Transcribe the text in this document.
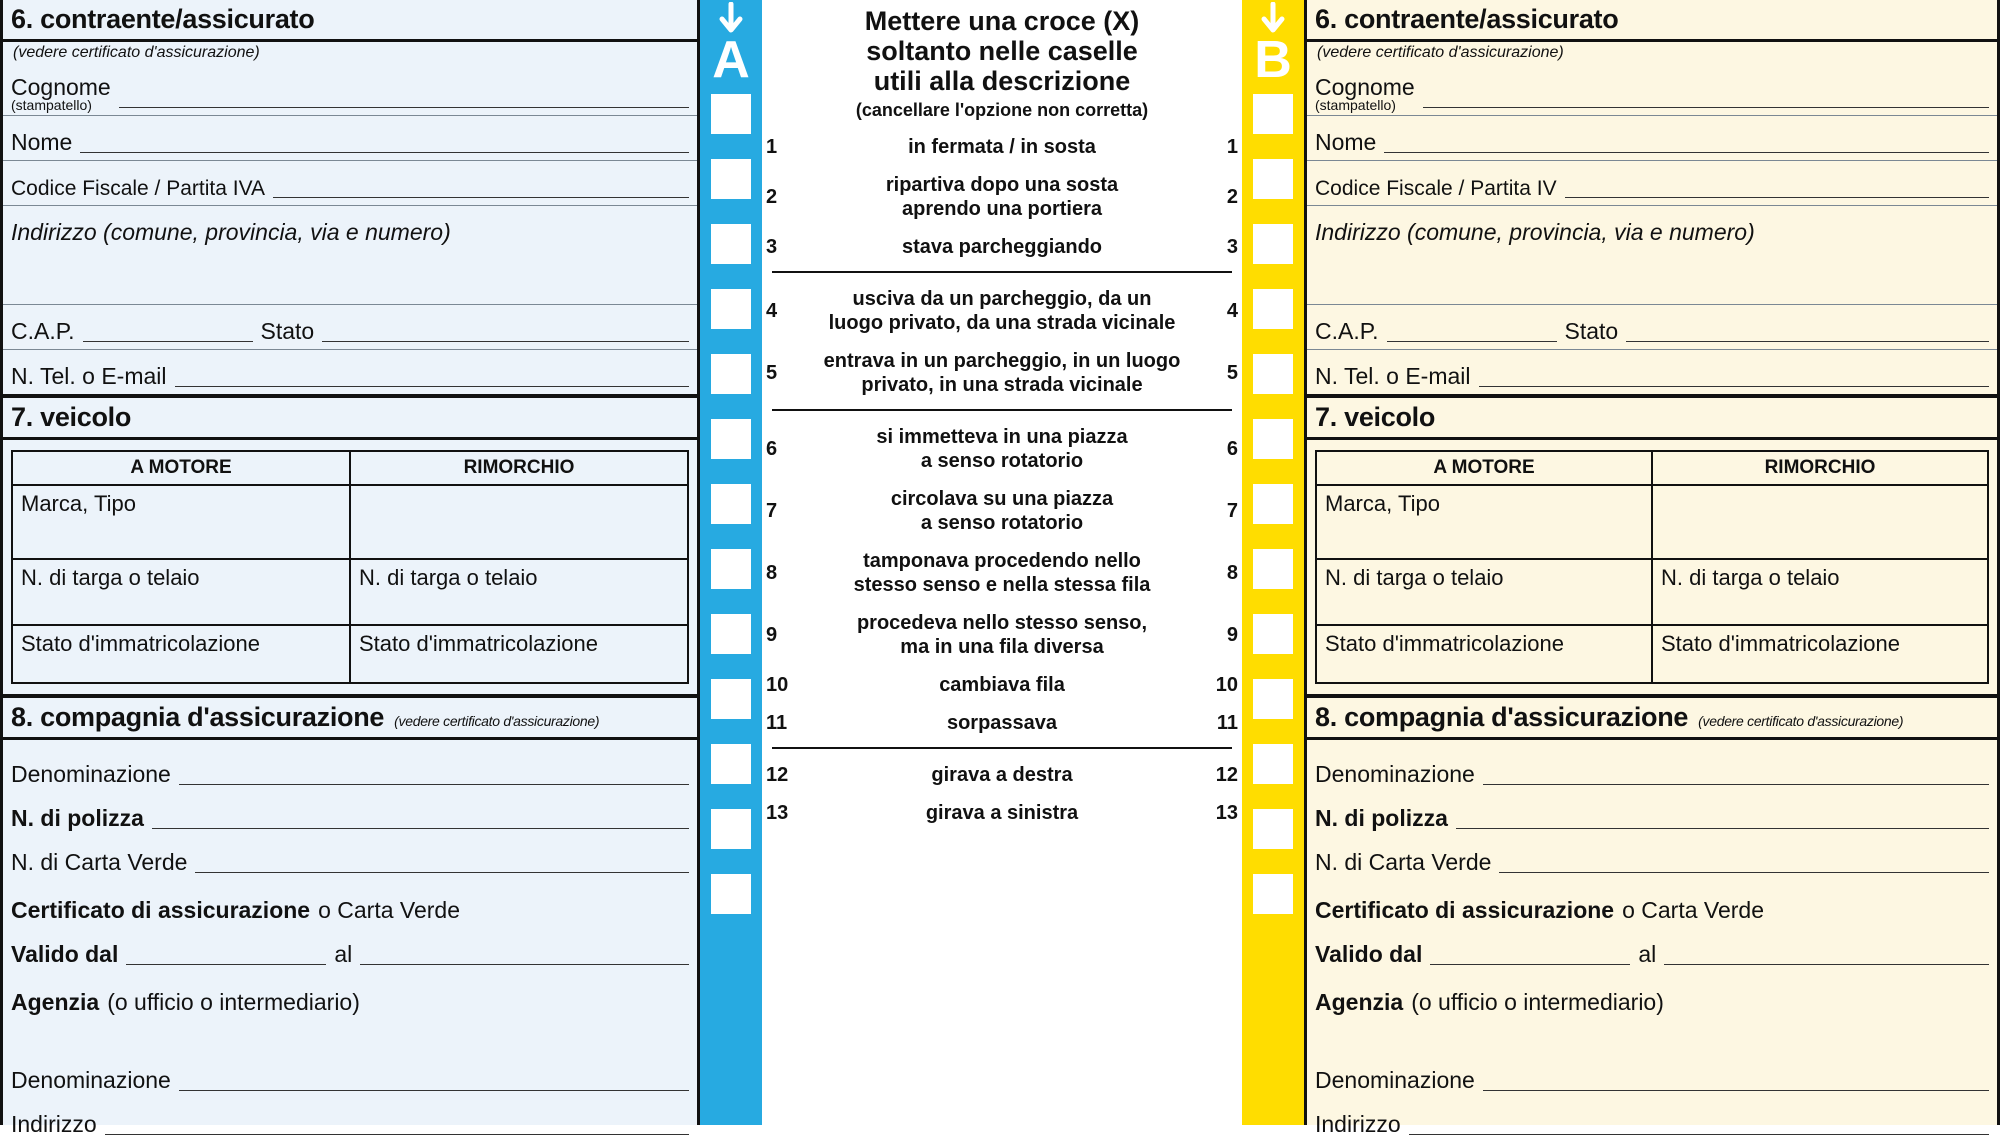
6. contraente/assicurato
(vedere certificato d'assicurazione)
Cognome
(stampatello)
Nome
Codice Fiscale / Partita IVA
Indirizzo (comune, provincia, via e numero)
C.A.P.	Stato
N. Tel. o E-mail
7. veicolo
A MOTORE	RIMORCHIO
Marca, Tipo

N. di targa o telaio	N. di targa o telaio
Stato d'immatricolazione	Stato d'immatricolazione
8. compagnia d'assicurazione (vedere certificato d'assicurazione)
Denominazione
N. di polizza
N. di Carta Verde
Certificato di assicurazione o Carta Verde
Valido dal	al
Agenzia (o ufficio o intermediario)
Denominazione
Indirizzo
A
Mettere una croce (X)
soltanto nelle caselle
utili alla descrizione
(cancellare l'opzione non corretta)
1	in fermata / in sosta	1
2
ripartiva dopo una sosta
aprendo una portiera
2
3	stava parcheggiando	3
4
usciva da un parcheggio, da un
luogo privato, da una strada vicinale
4
5
entrava in un parcheggio, in un luogo
privato, in una strada vicinale
5
6
si immetteva in una piazza
a senso rotatorio
6
7
circolava su una piazza
a senso rotatorio
7
8
tamponava procedendo nello
stesso senso e nella stessa fila
8
9
procedeva nello stesso senso,
ma in una fila diversa
9
10	cambiava fila	10
11	sorpassava	11
12	girava a destra	12
13	girava a sinistra	13
B
6. contraente/assicurato
(vedere certificato d'assicurazione)
Cognome
(stampatello)
Nome
Codice Fiscale / Partita IV
Indirizzo (comune, provincia, via e numero)
C.A.P.	Stato
N. Tel. o E-mail
7. veicolo
A MOTORE	RIMORCHIO
Marca, Tipo

N. di targa o telaio	N. di targa o telaio
Stato d'immatricolazione	Stato d'immatricolazione
8. compagnia d'assicurazione (vedere certificato d'assicurazione)
Denominazione
N. di polizza
N. di Carta Verde
Certificato di assicurazione o Carta Verde
Valido dal	al
Agenzia (o ufficio o intermediario)
Denominazione
Indirizzo
